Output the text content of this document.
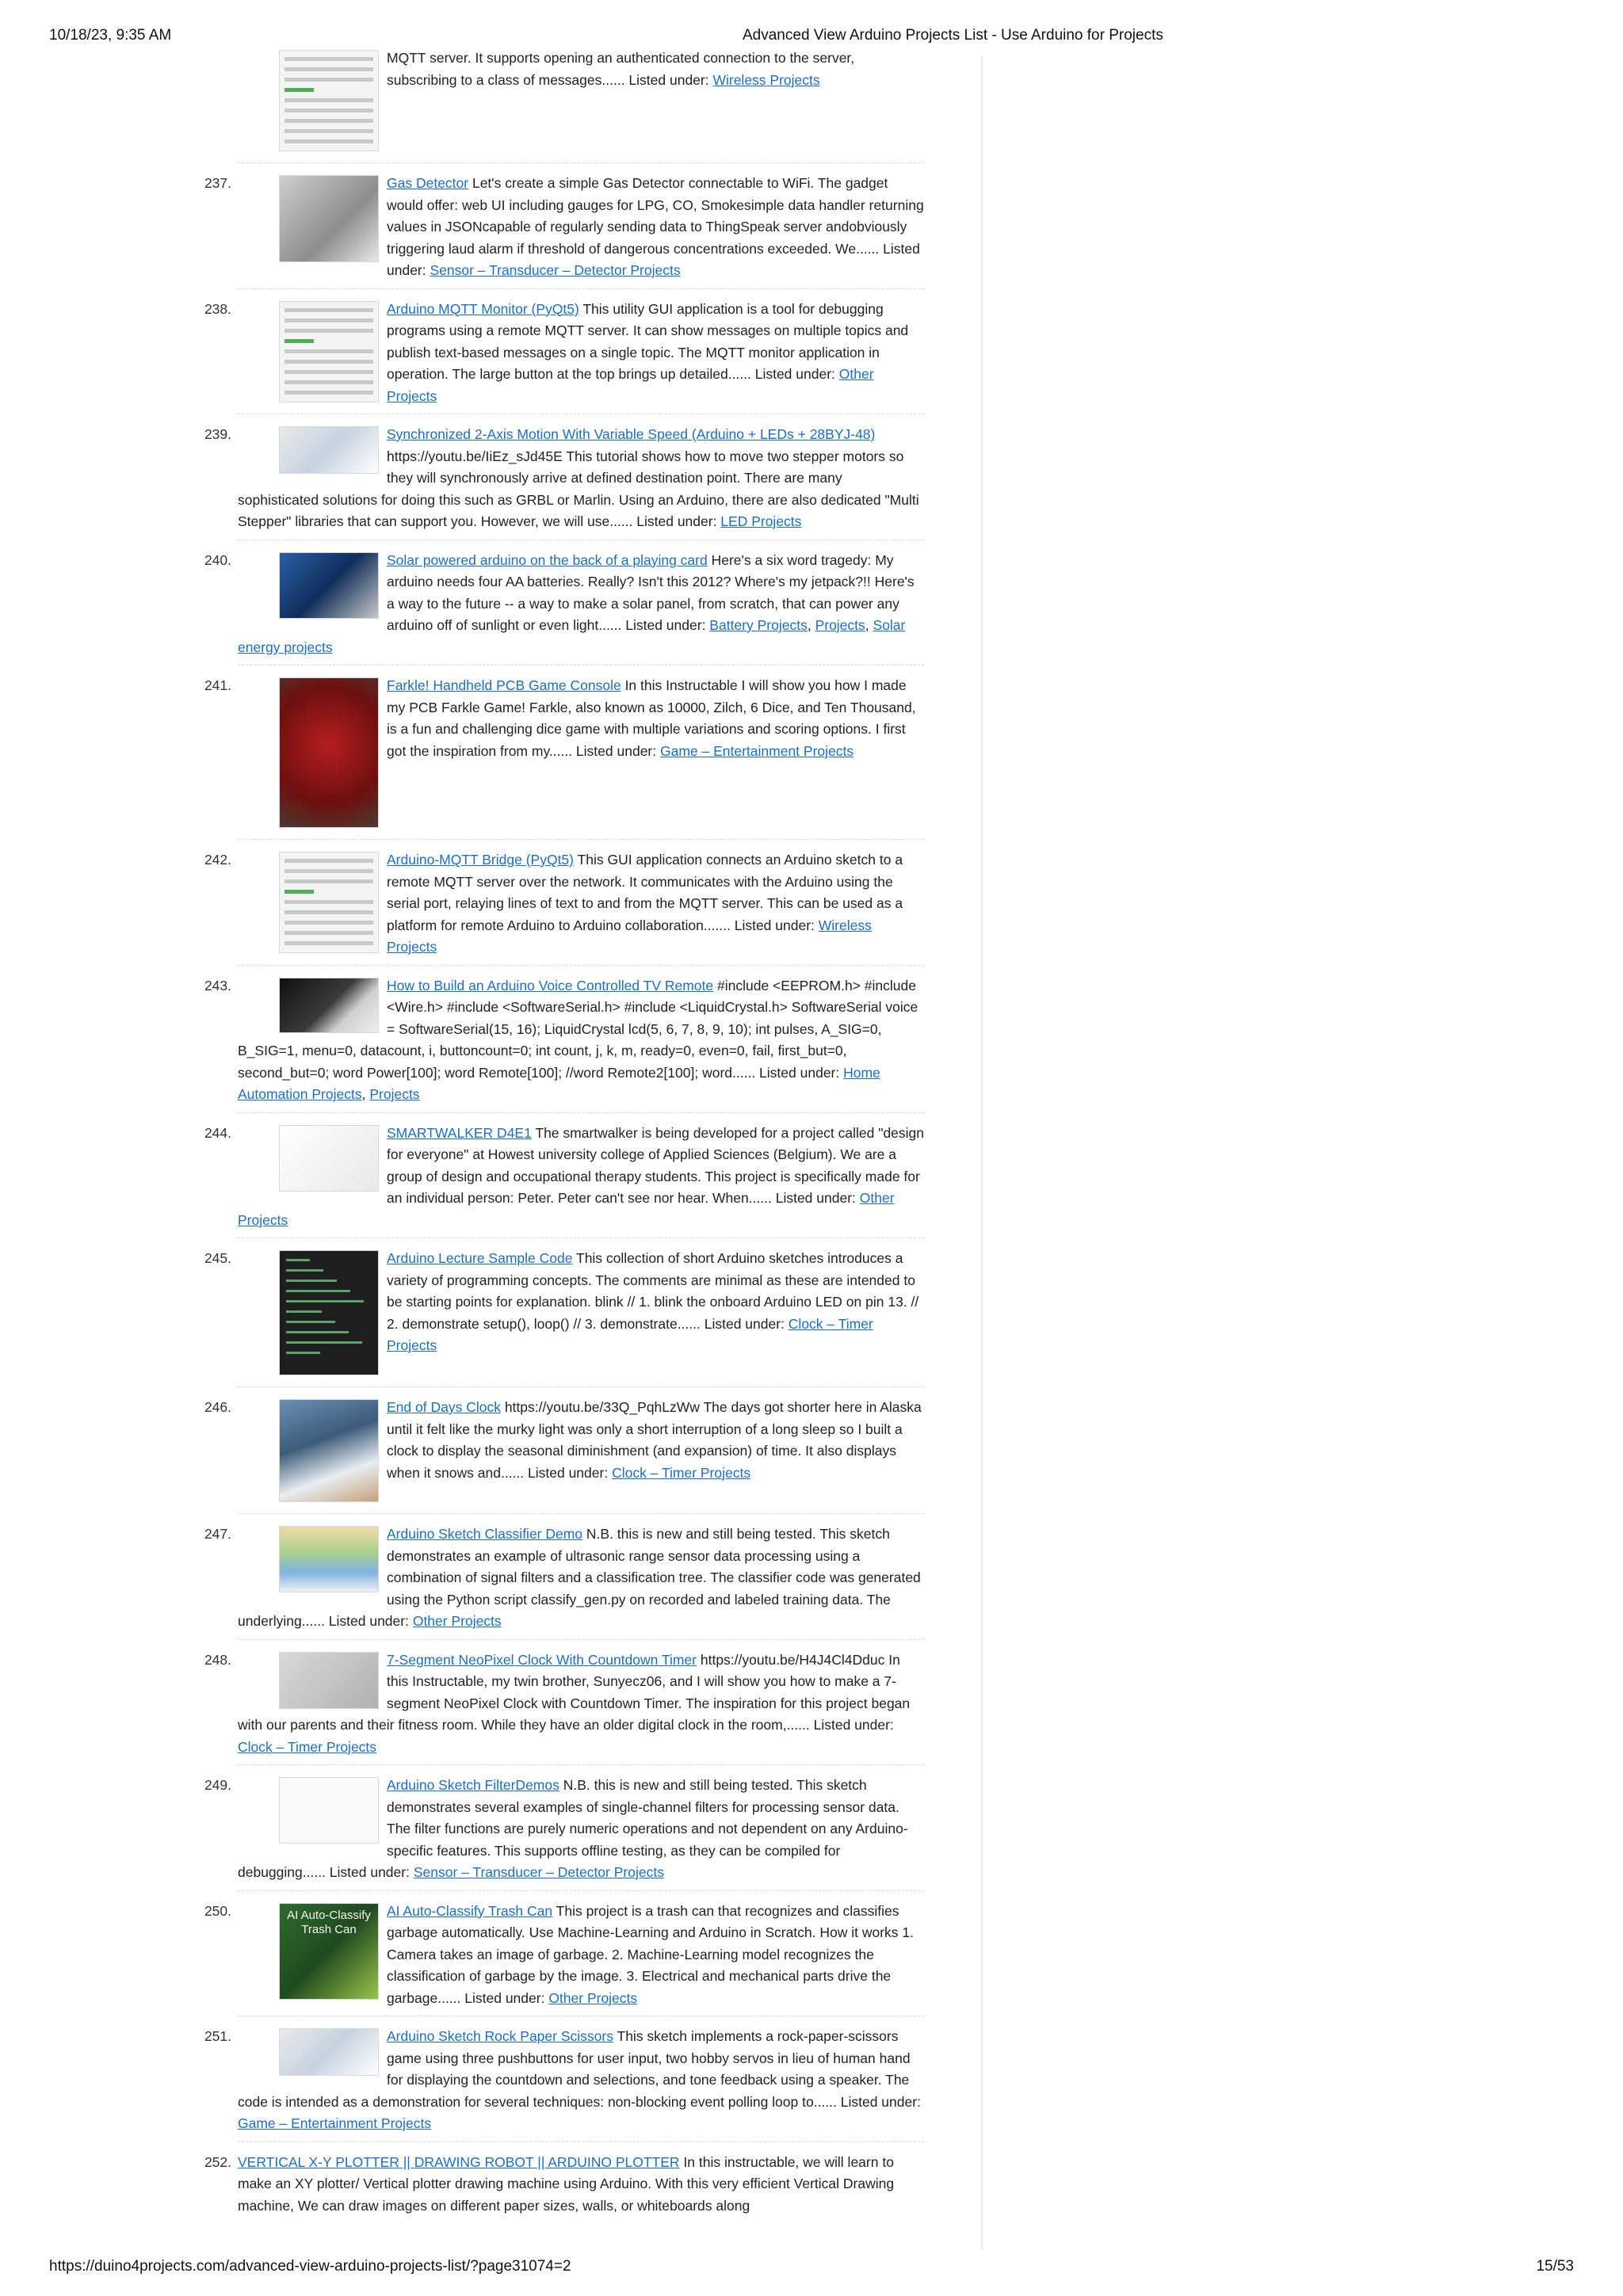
10/18/23, 9:35 AM	Advanced View Arduino Projects List - Use Arduino for Projects
MQTT server. It supports opening an authenticated connection to the server, subscribing to a class of messages...... Listed under: Wireless Projects
237.	Gas Detector Let's create a simple Gas Detector connectable to WiFi. The gadget would offer: web UI including gauges for LPG, CO, Smokesimple data handler returning values in JSONcapable of regularly sending data to ThingSpeak server andobviously triggering laud alarm if threshold of dangerous concentrations exceeded. We...... Listed under: Sensor – Transducer – Detector Projects
238.	Arduino MQTT Monitor (PyQt5) This utility GUI application is a tool for debugging programs using a remote MQTT server. It can show messages on multiple topics and publish text-based messages on a single topic. The MQTT monitor application in operation. The large button at the top brings up detailed...... Listed under: Other Projects
239.	Synchronized 2-Axis Motion With Variable Speed (Arduino + LEDs + 28BYJ-48) https://youtu.be/IiEz_sJd45E This tutorial shows how to move two stepper motors so they will synchronously arrive at defined destination point. There are many sophisticated solutions for doing this such as GRBL or Marlin. Using an Arduino, there are also dedicated "Multi Stepper" libraries that can support you. However, we will use...... Listed under: LED Projects
240.	Solar powered arduino on the back of a playing card Here's a six word tragedy: My arduino needs four AA batteries. Really? Isn't this 2012? Where's my jetpack?!! Here's a way to the future -- a way to make a solar panel, from scratch, that can power any arduino off of sunlight or even light...... Listed under: Battery Projects, Projects, Solar energy projects
241.	Farkle! Handheld PCB Game Console In this Instructable I will show you how I made my PCB Farkle Game! Farkle, also known as 10000, Zilch, 6 Dice, and Ten Thousand, is a fun and challenging dice game with multiple variations and scoring options. I first got the inspiration from my...... Listed under: Game – Entertainment Projects
242.	Arduino-MQTT Bridge (PyQt5) This GUI application connects an Arduino sketch to a remote MQTT server over the network. It communicates with the Arduino using the serial port, relaying lines of text to and from the MQTT server. This can be used as a platform for remote Arduino to Arduino collaboration....... Listed under: Wireless Projects
243.	How to Build an Arduino Voice Controlled TV Remote #include <EEPROM.h> #include <Wire.h> #include <SoftwareSerial.h> #include <LiquidCrystal.h> SoftwareSerial voice = SoftwareSerial(15, 16); LiquidCrystal lcd(5, 6, 7, 8, 9, 10); int pulses, A_SIG=0, B_SIG=1, menu=0, datacount, i, buttoncount=0; int count, j, k, m, ready=0, even=0, fail, first_but=0, second_but=0; word Power[100]; word Remote[100]; //word Remote2[100]; word...... Listed under: Home Automation Projects, Projects
244.	SMARTWALKER D4E1 The smartwalker is being developed for a project called "design for everyone" at Howest university college of Applied Sciences (Belgium). We are a group of design and occupational therapy students. This project is specifically made for an individual person: Peter. Peter can't see nor hear. When...... Listed under: Other Projects
245.	Arduino Lecture Sample Code This collection of short Arduino sketches introduces a variety of programming concepts. The comments are minimal as these are intended to be starting points for explanation. blink // 1. blink the onboard Arduino LED on pin 13. // 2. demonstrate setup(), loop() // 3. demonstrate...... Listed under: Clock – Timer Projects
246.	End of Days Clock https://youtu.be/33Q_PqhLzWw The days got shorter here in Alaska until it felt like the murky light was only a short interruption of a long sleep so I built a clock to display the seasonal diminishment (and expansion) of time. It also displays when it snows and...... Listed under: Clock – Timer Projects
247.	Arduino Sketch Classifier Demo N.B. this is new and still being tested. This sketch demonstrates an example of ultrasonic range sensor data processing using a combination of signal filters and a classification tree. The classifier code was generated using the Python script classify_gen.py on recorded and labeled training data. The underlying...... Listed under: Other Projects
248.	7-Segment NeoPixel Clock With Countdown Timer https://youtu.be/H4J4Cl4Dduc In this Instructable, my twin brother, Sunyecz06, and I will show you how to make a 7-segment NeoPixel Clock with Countdown Timer. The inspiration for this project began with our parents and their fitness room. While they have an older digital clock in the room,...... Listed under: Clock – Timer Projects
249.	Arduino Sketch FilterDemos N.B. this is new and still being tested. This sketch demonstrates several examples of single-channel filters for processing sensor data. The filter functions are purely numeric operations and not dependent on any Arduino-specific features. This supports offline testing, as they can be compiled for debugging...... Listed under: Sensor – Transducer – Detector Projects
250.	AI Auto-Classify Trash Can
AI Auto-Classify Trash Can This project is a trash can that recognizes and classifies garbage automatically. Use Machine-Learning and Arduino in Scratch. How it works 1. Camera takes an image of garbage. 2. Machine-Learning model recognizes the classification of garbage by the image. 3. Electrical and mechanical parts drive the garbage...... Listed under: Other Projects
251.	Arduino Sketch Rock Paper Scissors This sketch implements a rock-paper-scissors game using three pushbuttons for user input, two hobby servos in lieu of human hand for displaying the countdown and selections, and tone feedback using a speaker. The code is intended as a demonstration for several techniques: non-blocking event polling loop to...... Listed under: Game – Entertainment Projects
252. VERTICAL X-Y PLOTTER || DRAWING ROBOT || ARDUINO PLOTTER In this instructable, we will learn to make an XY plotter/ Vertical plotter drawing machine using Arduino. With this very efficient Vertical Drawing machine, We can draw images on different paper sizes, walls, or whiteboards along
https://duino4projects.com/advanced-view-arduino-projects-list/?page31074=2	15/53
